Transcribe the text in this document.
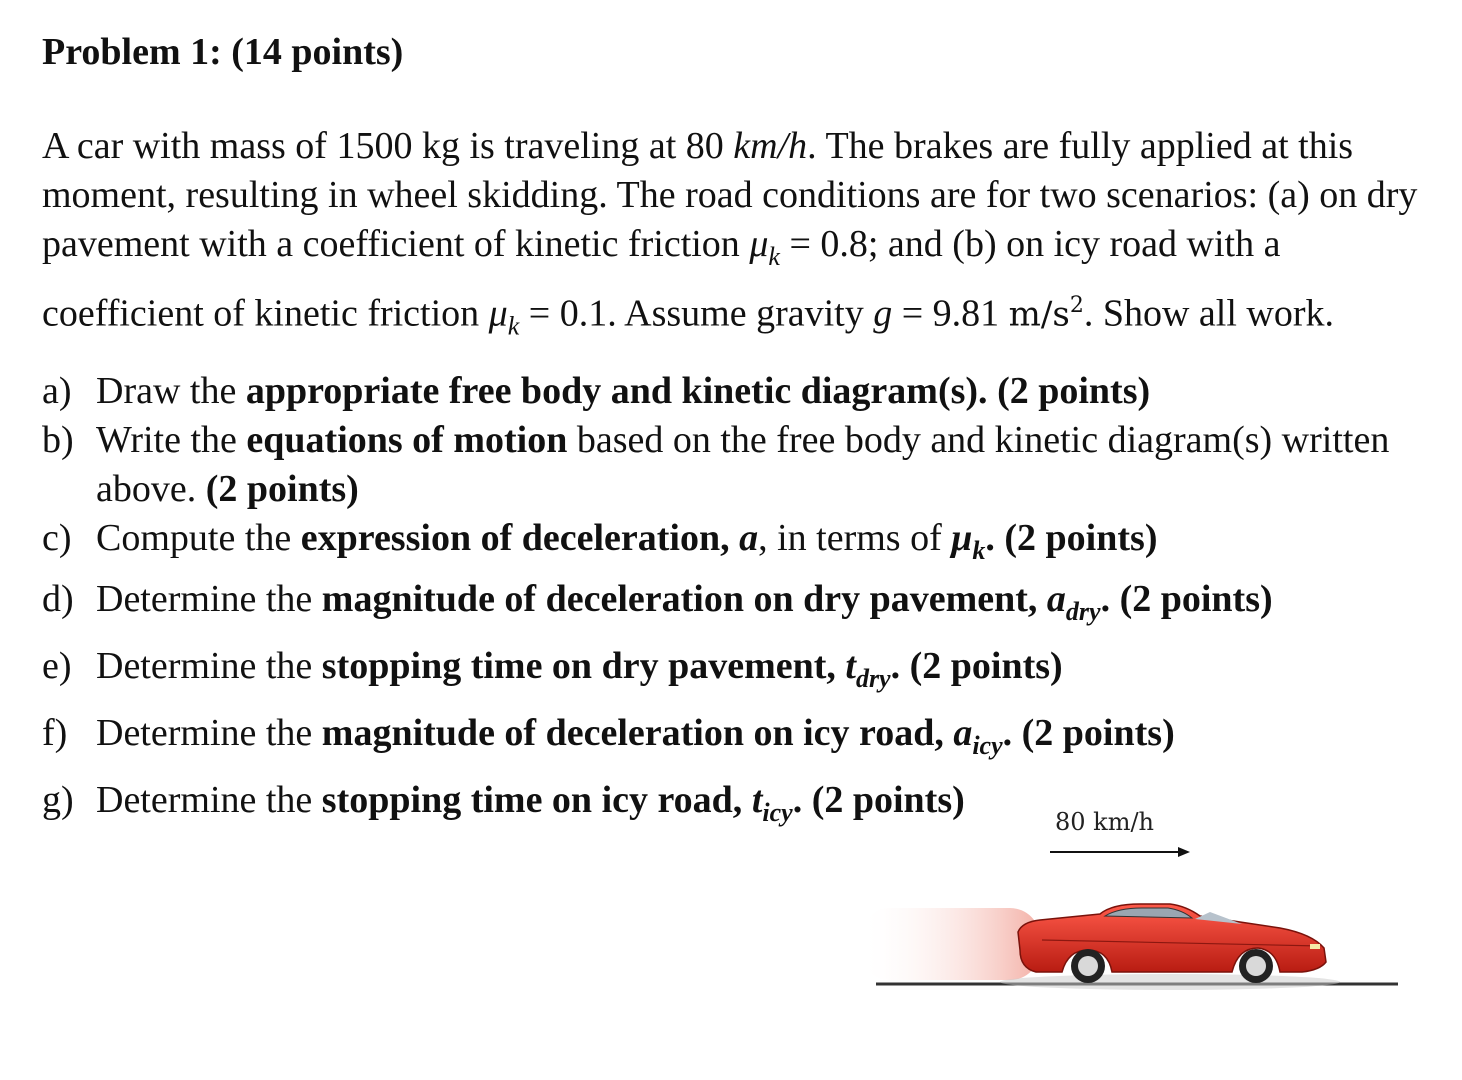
Problem 1: (14 points)

A car with mass of 1500 kg is traveling at 80 km/h. The brakes are fully applied at this moment, resulting in wheel skidding. The road conditions are for two scenarios: (a) on dry pavement with a coefficient of kinetic friction $\mu_k = 0.8$; and (b) on icy road with a coefficient of kinetic friction $\mu_k = 0.1$. Assume gravity g = 9.81 $m/s^2$. Show all work.

a) Draw the appropriate free body and kinetic diagram(s). (2 points)
b) Write the equations of motion based on the free body and kinetic diagram(s) written above. (2 points)
c) Compute the expression of deceleration, a, in terms of $\mu_k$. (2 points)
d) Determine the magnitude of deceleration on dry pavement, $a_{dry}$. (2 points)
e) Determine the stopping time on dry pavement, $t_{dry}$. (2 points)
f) Determine the magnitude of deceleration on icy road, $a_{icy}$. (2 points)
g) Determine the stopping time on icy road, $t_{icy}$. (2 points)
80 km/h
